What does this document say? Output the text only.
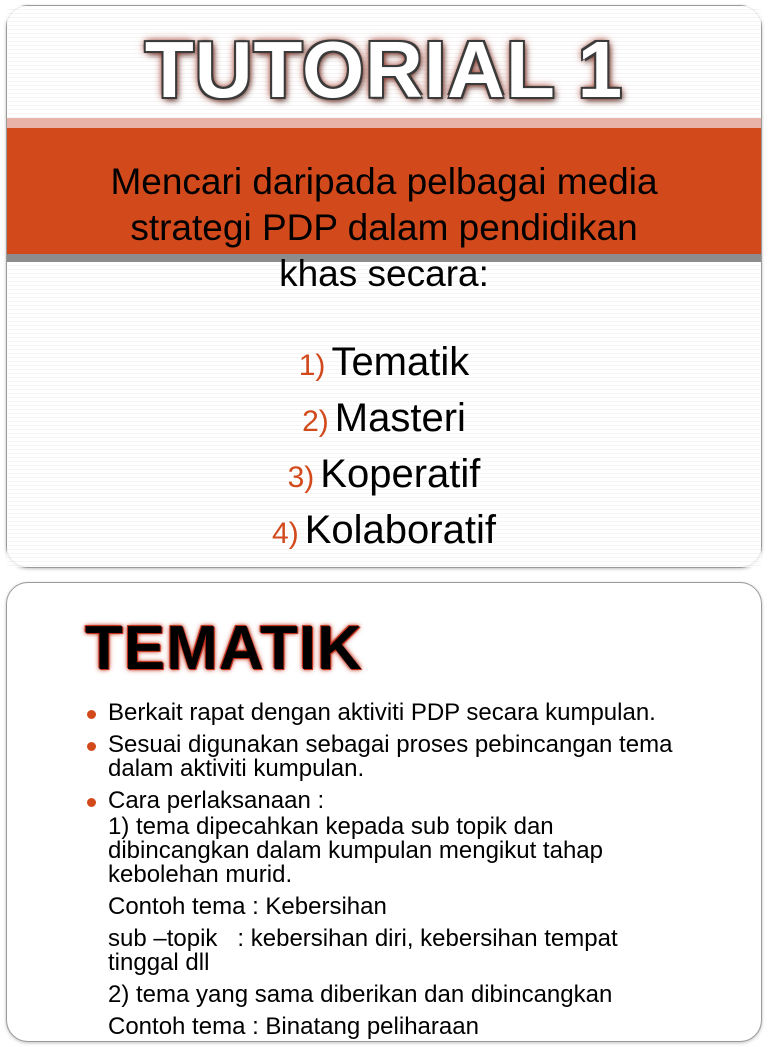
TUTORIAL 1
Mencari daripada pelbagai media
strategi PDP dalam pendidikan
khas secara:
1) Tematik
2) Masteri
3) Koperatif
4) Kolaboratif
TEMATIK
Berkait rapat dengan aktiviti PDP secara kumpulan.
Sesuai digunakan sebagai proses pebincangan tema
dalam aktiviti kumpulan.
Cara perlaksanaan :

1) tema dipecahkan kepada sub topik dan
dibincangkan dalam kumpulan mengikut tahap
kebolehan murid.

Contoh tema : Kebersihan

sub –topik   : kebersihan diri, kebersihan tempat
tinggal dll

2) tema yang sama diberikan dan dibincangkan

Contoh tema : Binatang peliharaan
